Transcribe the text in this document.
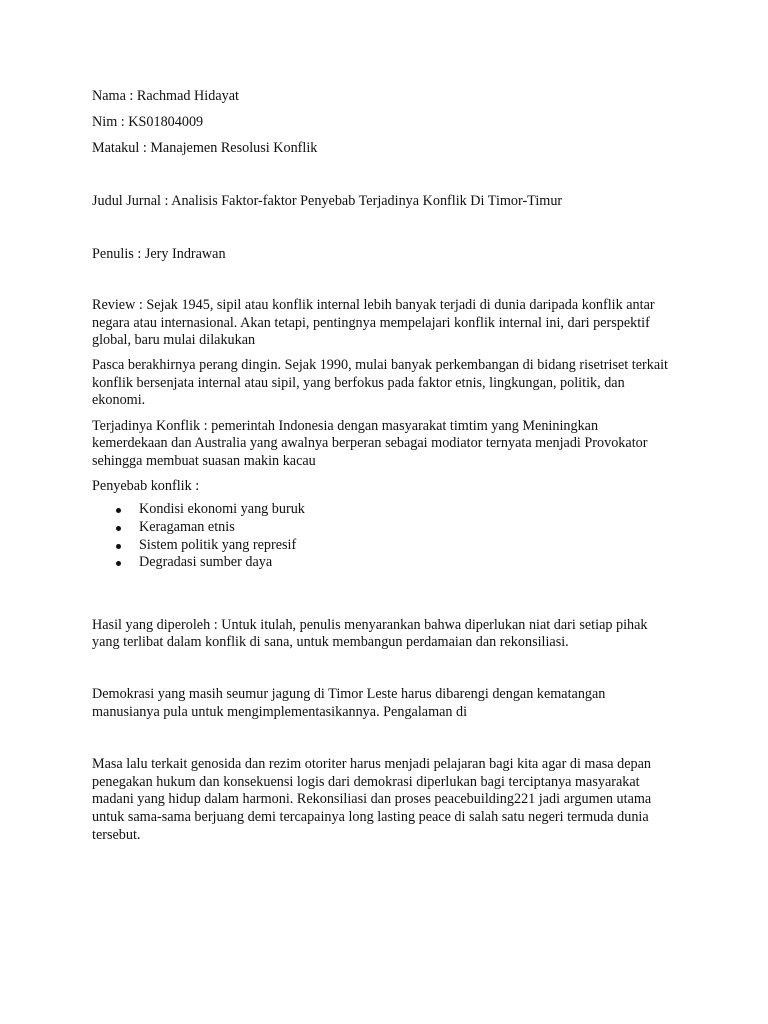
Nama : Rachmad Hidayat

Nim : KS01804009

Matakul : Manajemen Resolusi Konflik

Judul Jurnal : Analisis Faktor-faktor Penyebab Terjadinya Konflik Di Timor-Timur

Penulis : Jery Indrawan

Review : Sejak 1945, sipil atau konflik internal lebih banyak terjadi di dunia daripada konflik antar

negara atau internasional. Akan tetapi, pentingnya mempelajari konflik internal ini, dari perspektif

global, baru mulai dilakukan

Pasca berakhirnya perang dingin. Sejak 1990, mulai banyak perkembangan di bidang risetriset terkait

konflik bersenjata internal atau sipil, yang berfokus pada faktor etnis, lingkungan, politik, dan

ekonomi.

Terjadinya Konflik : pemerintah Indonesia dengan masyarakat timtim yang Meniningkan

kemerdekaan dan Australia yang awalnya berperan sebagai modiator ternyata menjadi Provokator

sehingga membuat suasan makin kacau

Penyebab konflik :

Kondisi ekonomi yang buruk
Keragaman etnis
Sistem politik yang represif
Degradasi sumber daya

Hasil yang diperoleh : Untuk itulah, penulis menyarankan bahwa diperlukan niat dari setiap pihak

yang terlibat dalam konflik di sana, untuk membangun perdamaian dan rekonsiliasi.

Demokrasi yang masih seumur jagung di Timor Leste harus dibarengi dengan kematangan

manusianya pula untuk mengimplementasikannya. Pengalaman di

Masa lalu terkait genosida dan rezim otoriter harus menjadi pelajaran bagi kita agar di masa depan

penegakan hukum dan konsekuensi logis dari demokrasi diperlukan bagi terciptanya masyarakat

madani yang hidup dalam harmoni. Rekonsiliasi dan proses peacebuilding221 jadi argumen utama

untuk sama-sama berjuang demi tercapainya long lasting peace di salah satu negeri termuda dunia

tersebut.
